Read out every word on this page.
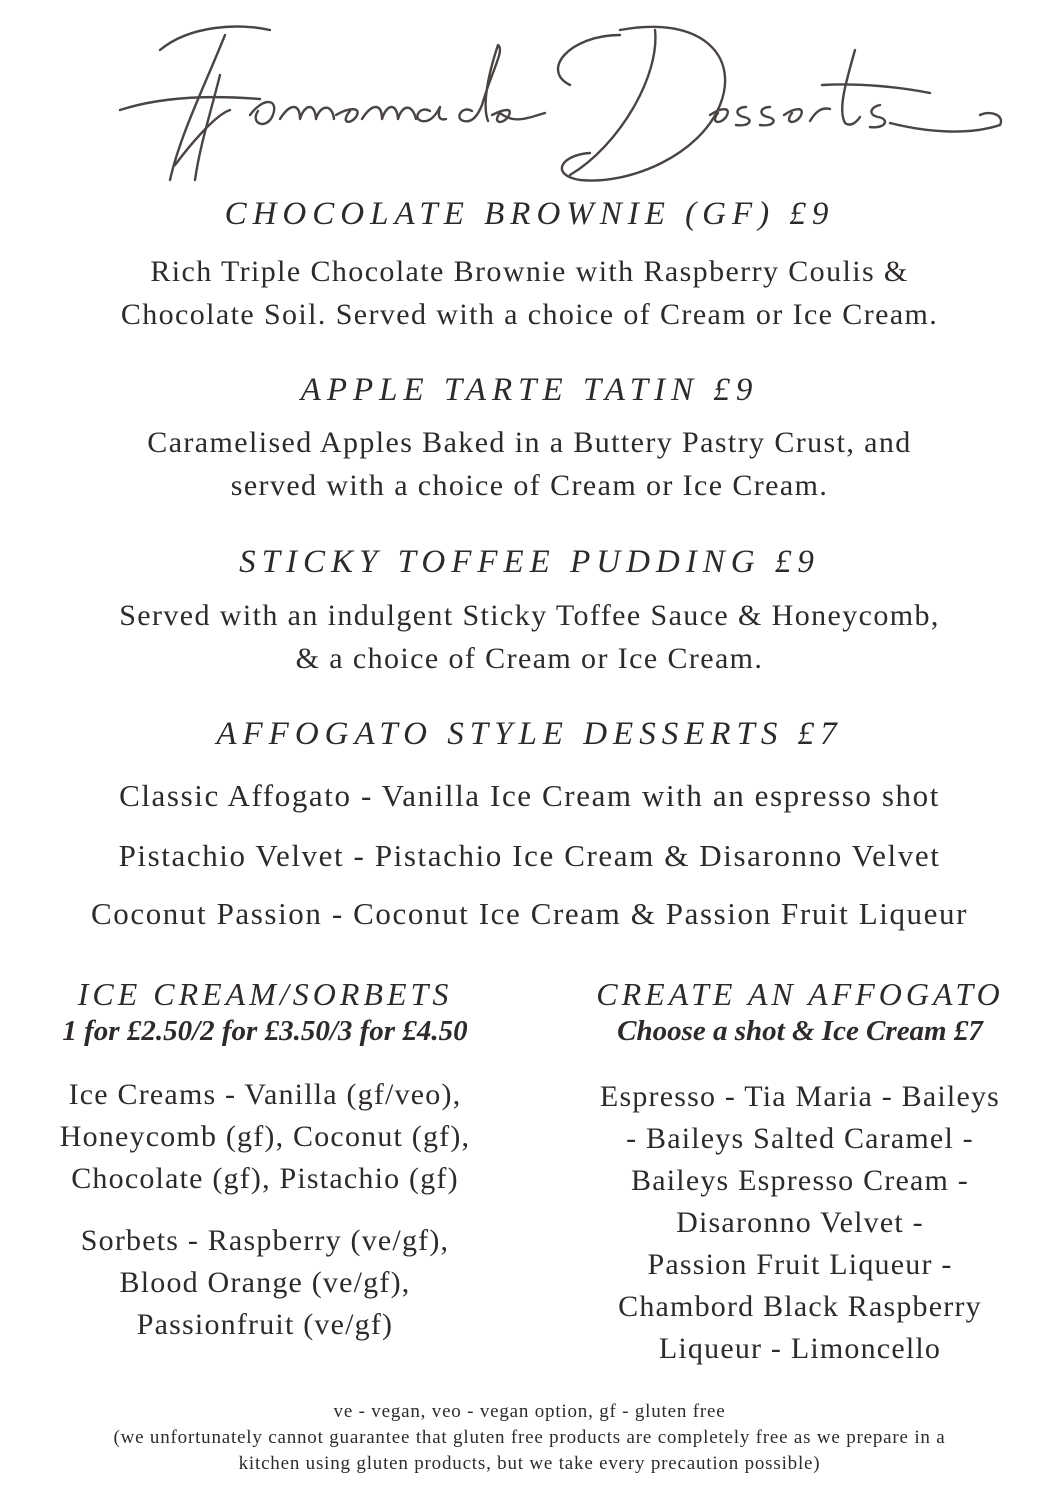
CHOCOLATE BROWNIE (GF) £9
Rich Triple Chocolate Brownie with Raspberry Coulis &
Chocolate Soil. Served with a choice of Cream or Ice Cream.
APPLE TARTE TATIN £9
Caramelised Apples Baked in a Buttery Pastry Crust, and
served with a choice of Cream or Ice Cream.
STICKY TOFFEE PUDDING £9
Served with an indulgent Sticky Toffee Sauce & Honeycomb,
& a choice of Cream or Ice Cream.
AFFOGATO STYLE DESSERTS £7
Classic Affogato - Vanilla Ice Cream with an espresso shot
Pistachio Velvet - Pistachio Ice Cream & Disaronno Velvet
Coconut Passion - Coconut Ice Cream & Passion Fruit Liqueur
ICE CREAM/SORBETS
1 for £2.50/2 for £3.50/3 for £4.50
Ice Creams - Vanilla (gf/veo),
Honeycomb (gf), Coconut (gf),
Chocolate (gf), Pistachio (gf)
Sorbets - Raspberry (ve/gf),
Blood Orange (ve/gf),
Passionfruit (ve/gf)
CREATE AN AFFOGATO
Choose a shot & Ice Cream £7
Espresso - Tia Maria - Baileys
- Baileys Salted Caramel -
Baileys Espresso Cream -
Disaronno Velvet -
Passion Fruit Liqueur -
Chambord Black Raspberry
Liqueur - Limoncello
ve - vegan, veo - vegan option, gf - gluten free
(we unfortunately cannot guarantee that gluten free products are completely free as we prepare in a
kitchen using gluten products, but we take every precaution possible)
